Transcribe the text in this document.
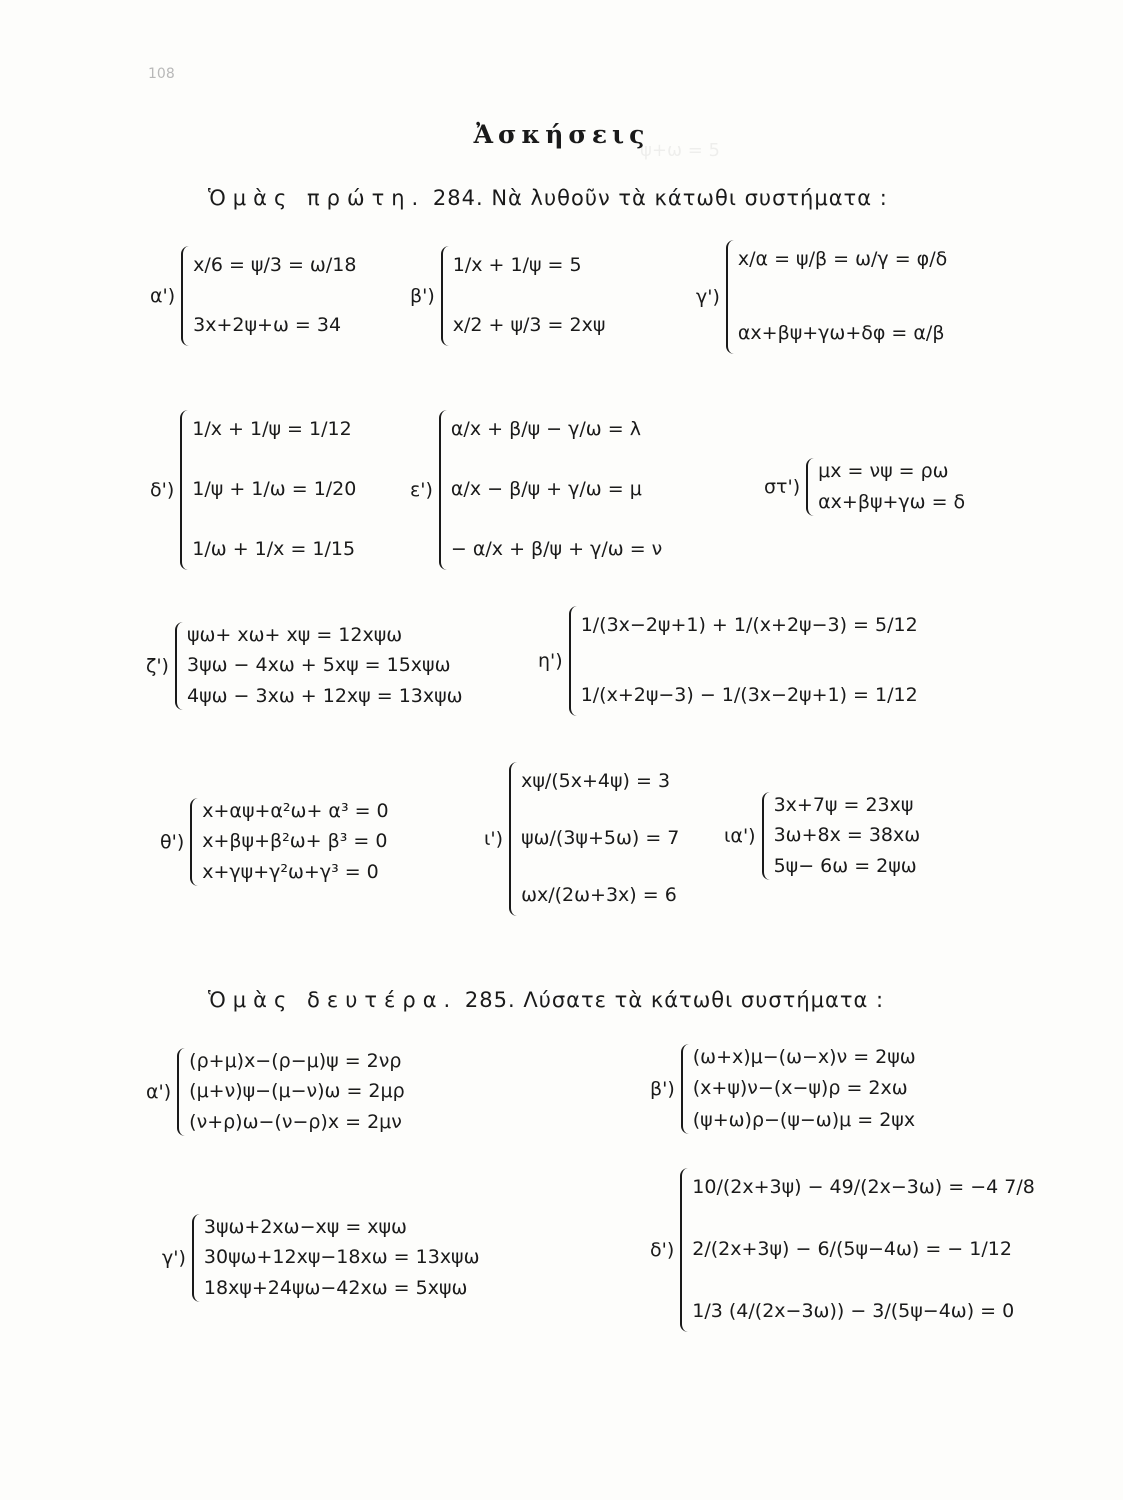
108
ψ+ω = 5
Ἀσκήσεις
Ὁμὰς πρώτη. 284. Νὰ λυθοῦν τὰ κάτωθι συστήματα :
α')
x/6 = ψ/3 = ω/18
3x+2ψ+ω = 34
β')
1/x + 1/ψ = 5
x/2 + ψ/3 = 2xψ
γ')
x/α = ψ/β = ω/γ = φ/δ
αx+βψ+γω+δφ = α/β
δ')
1/x + 1/ψ = 1/12
1/ψ + 1/ω = 1/20
1/ω + 1/x = 1/15
ε')
α/x + β/ψ − γ/ω = λ
α/x − β/ψ + γ/ω = μ
− α/x + β/ψ + γ/ω = ν
στ')
μx = νψ = ρω
αx+βψ+γω = δ
ζ')
ψω+ xω+ xψ = 12xψω
3ψω − 4xω + 5xψ = 15xψω
4ψω − 3xω + 12xψ = 13xψω
η')
1/(3x−2ψ+1) + 1/(x+2ψ−3) = 5/12
1/(x+2ψ−3) − 1/(3x−2ψ+1) = 1/12
θ')
x+αψ+α²ω+ α³ = 0
x+βψ+β²ω+ β³ = 0
x+γψ+γ²ω+γ³ = 0
ι')
xψ/(5x+4ψ) = 3
ψω/(3ψ+5ω) = 7
ωx/(2ω+3x) = 6
ια')
3x+7ψ = 23xψ
3ω+8x = 38xω
5ψ− 6ω = 2ψω
Ὁμὰς δευτέρα. 285. Λύσατε τὰ κάτωθι συστήματα :
α')
(ρ+μ)x−(ρ−μ)ψ = 2νρ
(μ+ν)ψ−(μ−ν)ω = 2μρ
(ν+ρ)ω−(ν−ρ)x = 2μν
β')
(ω+x)μ−(ω−x)ν = 2ψω
(x+ψ)ν−(x−ψ)ρ = 2xω
(ψ+ω)ρ−(ψ−ω)μ = 2ψx
γ')
3ψω+2xω−xψ = xψω
30ψω+12xψ−18xω = 13xψω
18xψ+24ψω−42xω = 5xψω
δ')
10/(2x+3ψ) − 49/(2x−3ω) = −4 7/8
2/(2x+3ψ) − 6/(5ψ−4ω) = − 1/12
1/3 (4/(2x−3ω)) − 3/(5ψ−4ω) = 0
